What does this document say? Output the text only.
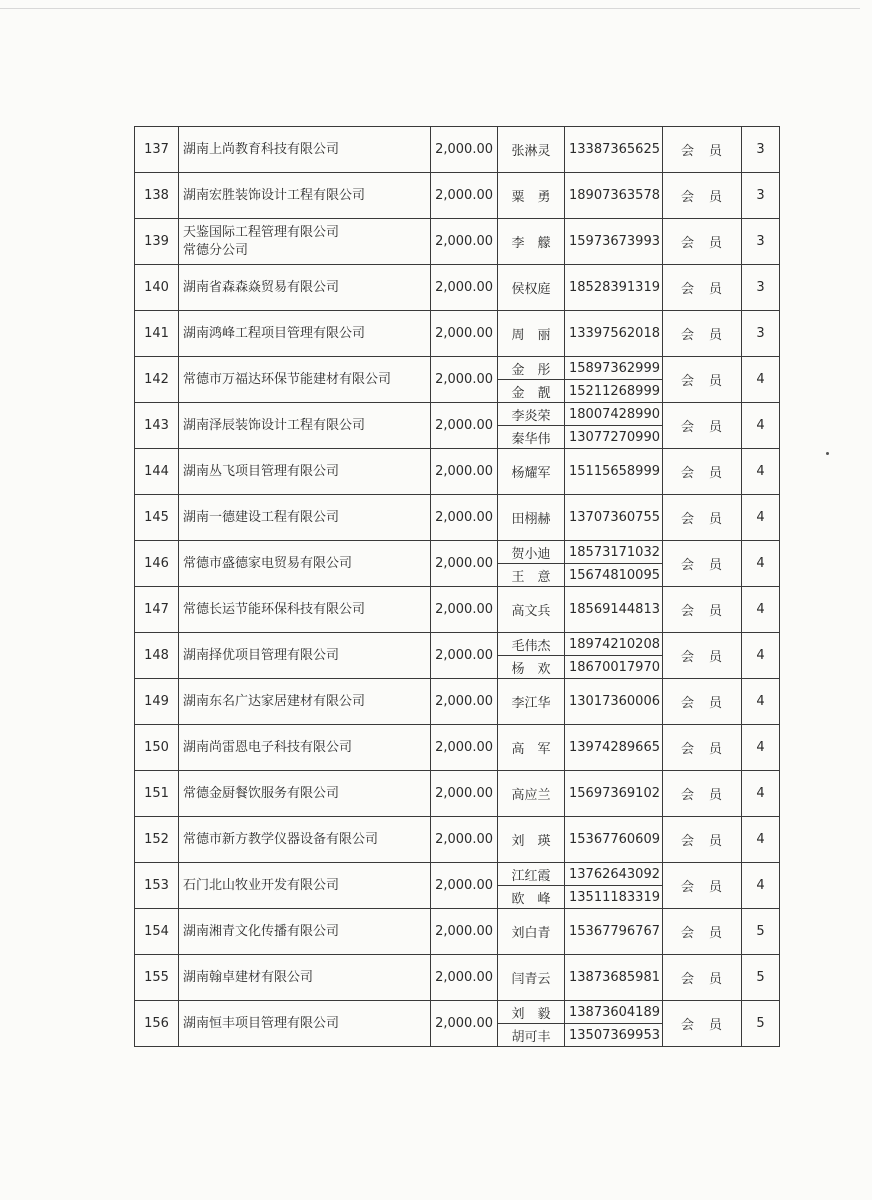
137	湖南上尚教育科技有限公司	2,000.00	张淋灵	13387365625	会　员	3
138	湖南宏胜装饰设计工程有限公司	2,000.00	粟　勇	18907363578	会　员	3
139	天鉴国际工程管理有限公司
常德分公司	2,000.00	李　艨	15973673993	会　员	3
140	湖南省森森焱贸易有限公司	2,000.00	侯权庭	18528391319	会　员	3
141	湖南鸿峰工程项目管理有限公司	2,000.00	周　丽	13397562018	会　员	3
142	常德市万福达环保节能建材有限公司	2,000.00	金　彤	15897362999	会　员	4
			金　靓	15211268999		
143	湖南泽辰装饰设计工程有限公司	2,000.00	李炎荣	18007428990	会　员	4
			秦华伟	13077270990		
144	湖南丛飞项目管理有限公司	2,000.00	杨耀军	15115658999	会　员	4
145	湖南一德建设工程有限公司	2,000.00	田栩赫	13707360755	会　员	4
146	常德市盛德家电贸易有限公司	2,000.00	贺小迪	18573171032	会　员	4
			王　意	15674810095		
147	常德长运节能环保科技有限公司	2,000.00	高文兵	18569144813	会　员	4
148	湖南择优项目管理有限公司	2,000.00	毛伟杰	18974210208	会　员	4
			杨　欢	18670017970		
149	湖南东名广达家居建材有限公司	2,000.00	李江华	13017360006	会　员	4
150	湖南尚雷恩电子科技有限公司	2,000.00	高　军	13974289665	会　员	4
151	常德金厨餐饮服务有限公司	2,000.00	高应兰	15697369102	会　员	4
152	常德市新方教学仪器设备有限公司	2,000.00	刘　瑛	15367760609	会　员	4
153	石门北山牧业开发有限公司	2,000.00	江红霞	13762643092	会　员	4
			欧　峰	13511183319		
154	湖南湘青文化传播有限公司	2,000.00	刘白青	15367796767	会　员	5
155	湖南翰卓建材有限公司	2,000.00	闫青云	13873685981	会　员	5
156	湖南恒丰项目管理有限公司	2,000.00	刘　毅	13873604189	会　员	5
			胡可丰	13507369953		
